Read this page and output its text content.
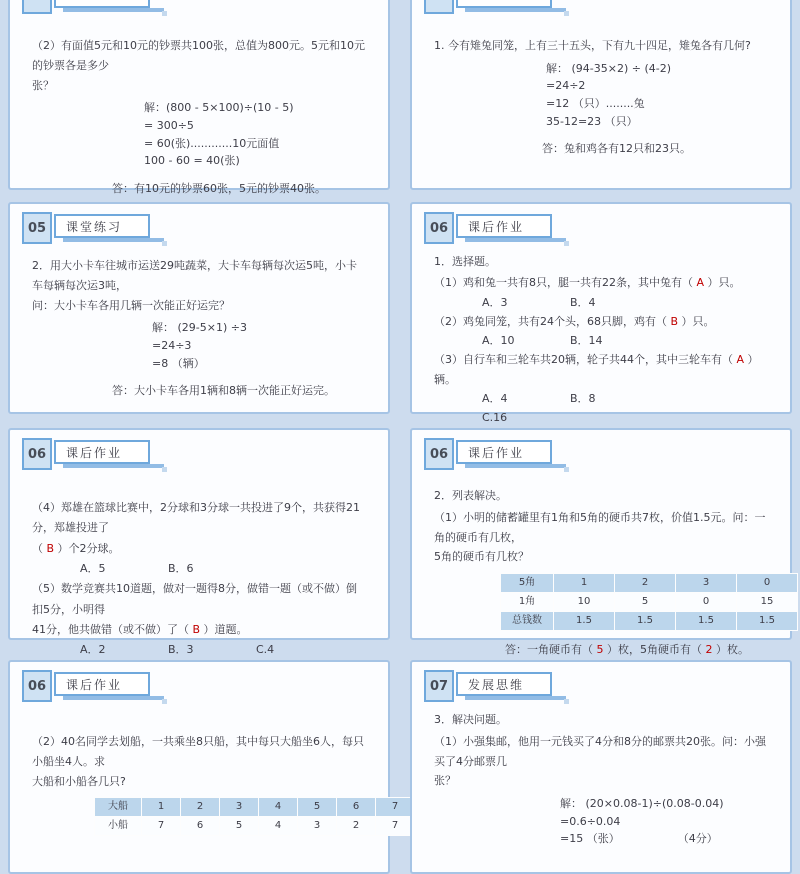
（2）有面值5元和10元的钞票共100张，总值为800元。5元和10元的钞票各是多少
张？
解：(800 - 5×100)÷(10 - 5)
= 300÷5
= 60(张)............10元面值
100 - 60 = 40(张)
答：有10元的钞票60张，5元的钞票40张。
1. 今有雉兔同笼，上有三十五头，下有九十四足，雉兔各有几何?
解： (94-35×2) ÷ (4-2)
=24÷2
=12 （只）........兔
35-12=23 （只）
答：兔和鸡各有12只和23只。
05	课堂练习
2．用大小卡车往城市运送29吨蔬菜，大卡车每辆每次运5吨，小卡车每辆每次运3吨，
问：大小卡车各用几辆一次能正好运完？
解： (29-5×1) ÷3
=24÷3
=8 （辆）
答：大小卡车各用1辆和8辆一次能正好运完。
06	课后作业
1．选择题。
（1）鸡和兔一共有8只，腿一共有22条，其中兔有（ A ）只。
A．3	B．4
（2）鸡兔同笼，共有24个头，68只脚，鸡有（ B ）只。
A．10	B．14
（3）自行车和三轮车共20辆，轮子共44个，其中三轮车有（ A ）辆。
A．4	B．8
C.16
06	课后作业
（4）郑雄在篮球比赛中，2分球和3分球一共投进了9个，共获得21分，郑雄投进了
（ B ）个2分球。
A．5	B．6
（5）数学竞赛共10道题，做对一题得8分，做错一题（或不做）倒扣5分，小明得
41分，他共做错（或不做）了（ B ）道题。
A．2	B．3	C.4
06	课后作业
2．列表解决。
（1）小明的储蓄罐里有1角和5角的硬币共7枚，价值1.5元。问：一角的硬币有几枚，
5角的硬币有几枚？
5角	1	2	3	0
1角	10	5	0	15
总钱数	1.5	1.5	1.5	1.5
答：一角硬币有（ 5 ）枚，5角硬币有（ 2 ）枚。
06	课后作业
（2）40名同学去划船，一共乘坐8只船，其中每只大船坐6人，每只小船坐4人。求
大船和小船各几只?
大船	1	2	3	4	5	6	7
小船	7	6	5	4	3	2	7
07	发展思维
3．解决问题。
（1）小强集邮，他用一元钱买了4分和8分的邮票共20张。问：小强买了4分邮票几
张？
解： (20×0.08-1)÷(0.08-0.04)
=0.6÷0.04
=15 （张）	（4分）
